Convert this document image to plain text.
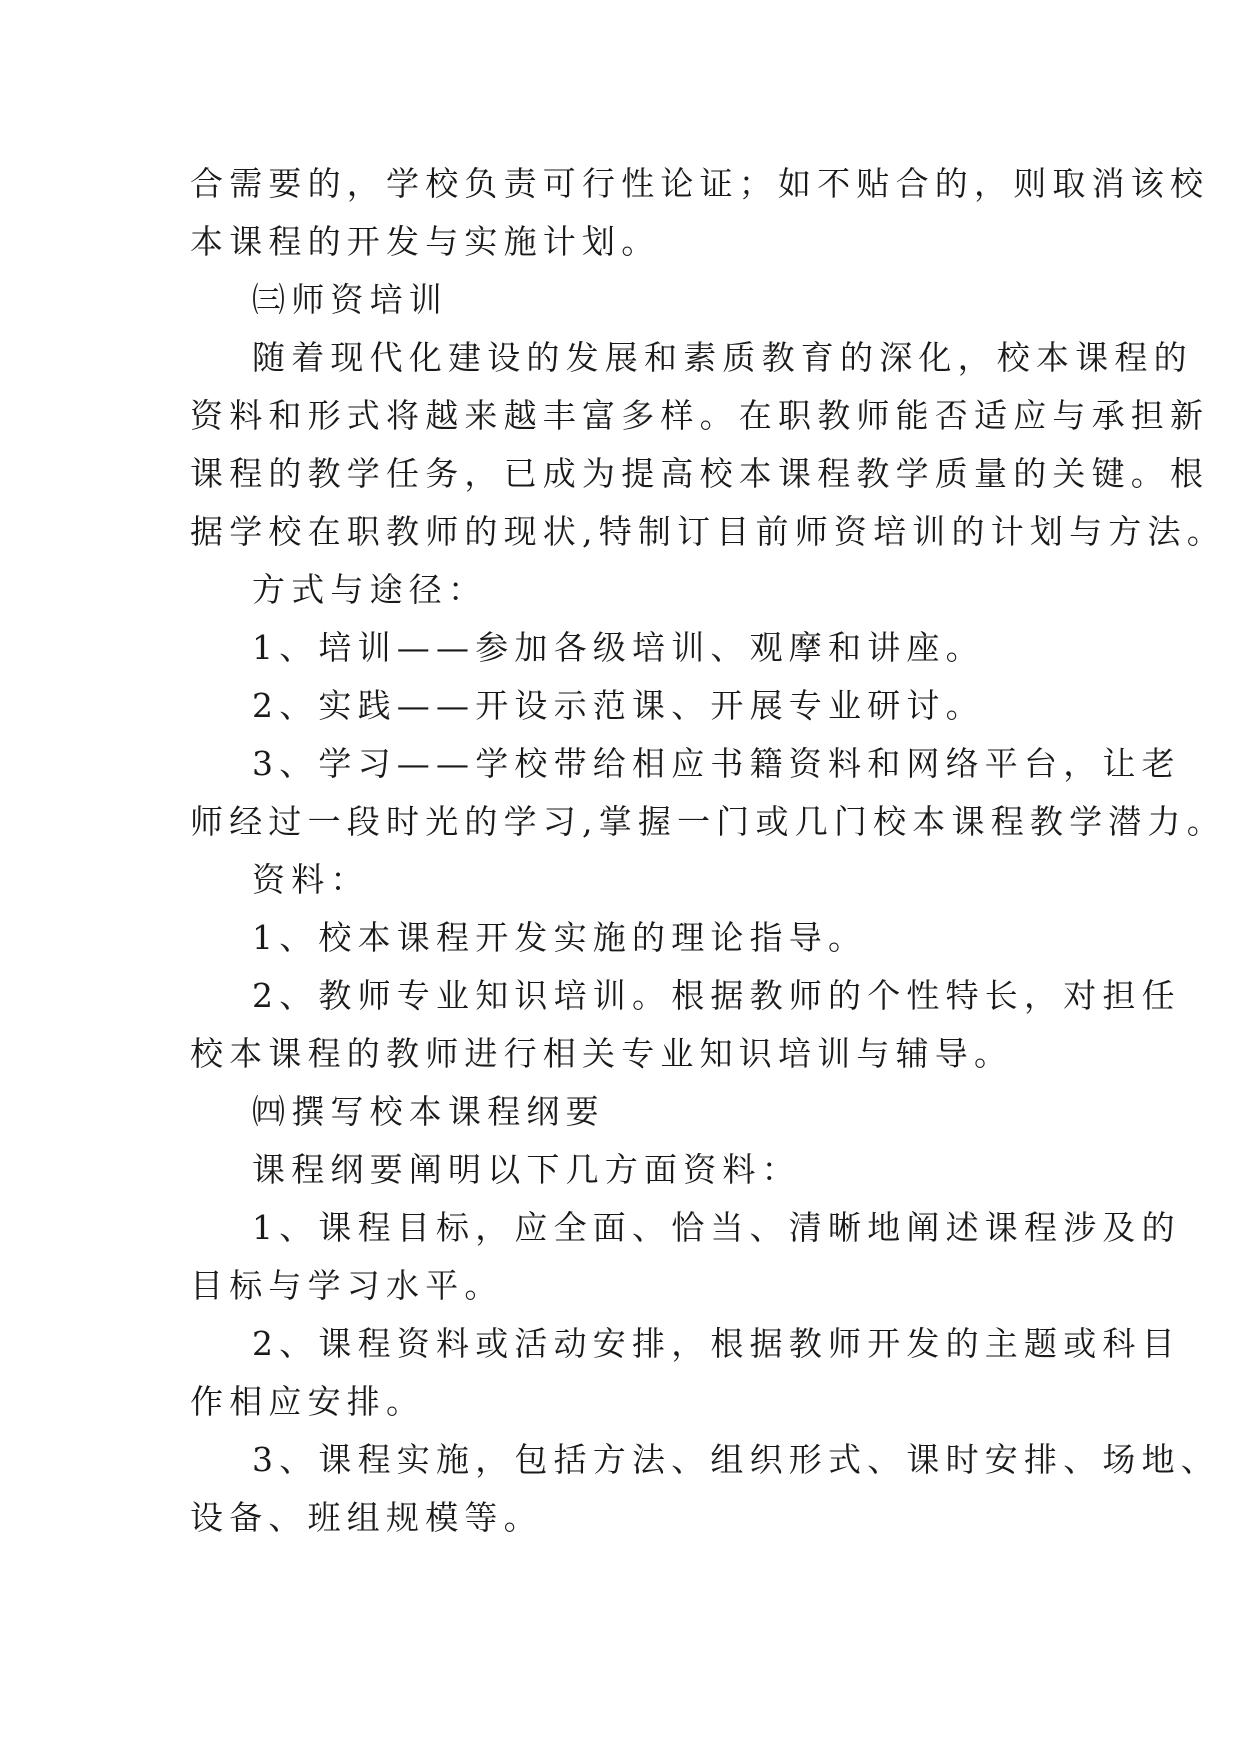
合需要的，学校负责可行性论证；如不贴合的，则取消该校
本课程的开发与实施计划。
㈢师资培训
随着现代化建设的发展和素质教育的深化，校本课程的
资料和形式将越来越丰富多样。在职教师能否适应与承担新
课程的教学任务，已成为提高校本课程教学质量的关键。根
据学校在职教师的现状,特制订目前师资培训的计划与方法。
方式与途径：
1、培训——参加各级培训、观摩和讲座。
2、实践——开设示范课、开展专业研讨。
3、学习——学校带给相应书籍资料和网络平台，让老
师经过一段时光的学习,掌握一门或几门校本课程教学潜力。
资料：
1、校本课程开发实施的理论指导。
2、教师专业知识培训。根据教师的个性特长，对担任
校本课程的教师进行相关专业知识培训与辅导。
㈣撰写校本课程纲要
课程纲要阐明以下几方面资料：
1、课程目标，应全面、恰当、清晰地阐述课程涉及的
目标与学习水平。
2、课程资料或活动安排，根据教师开发的主题或科目
作相应安排。
3、课程实施，包括方法、组织形式、课时安排、场地、
设备、班组规模等。
